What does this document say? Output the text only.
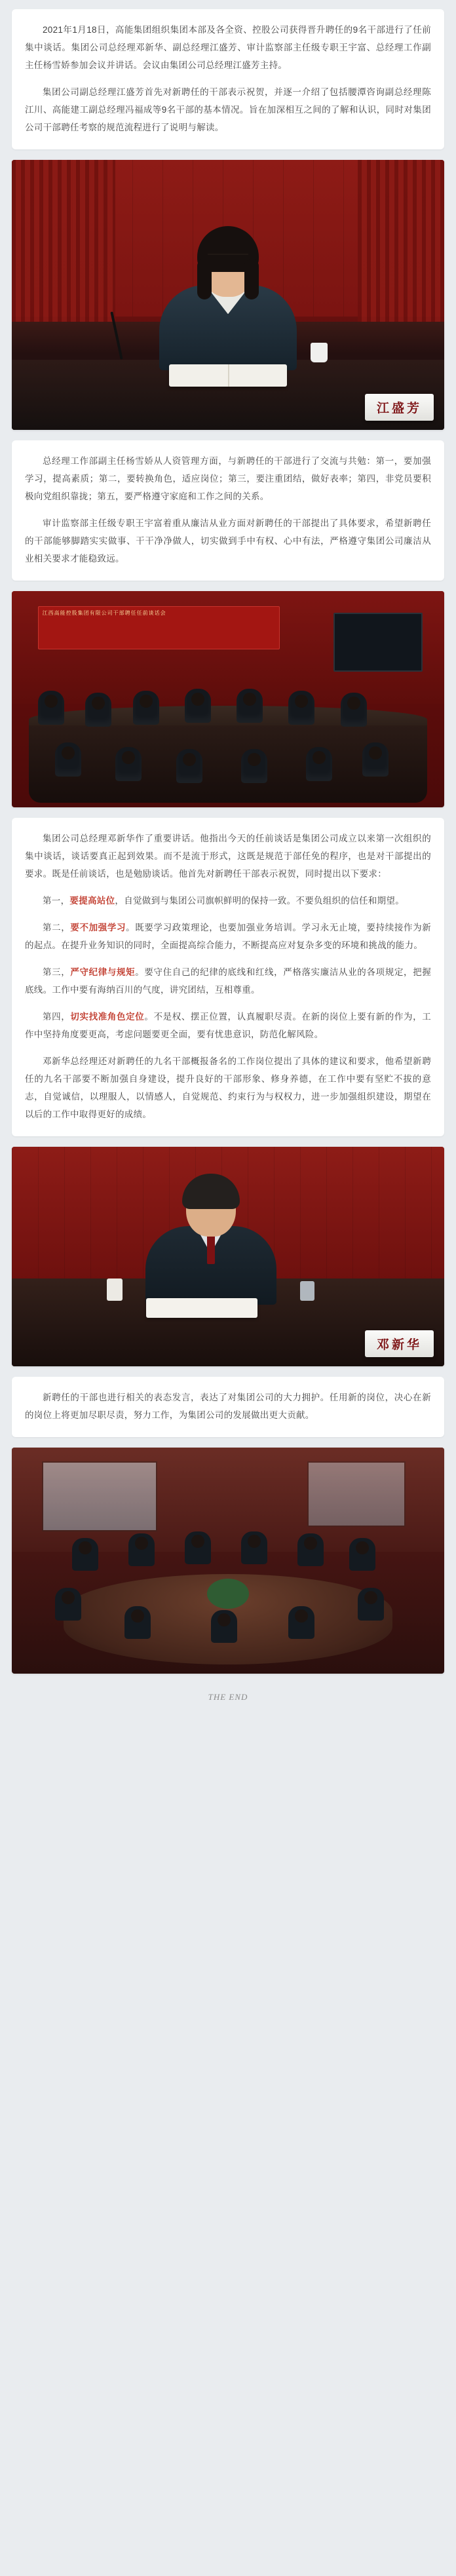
2021年1月18日，高能集团组织集团本部及各全资、控股公司获得晋升聘任的9名干部进行了任前集中谈话。集团公司总经理邓新华、副总经理江盛芳、审计监察部主任级专职王宇富、总经理工作副主任杨雪娇参加会议并讲话。会议由集团公司总经理江盛芳主持。

集团公司副总经理江盛芳首先对新聘任的干部表示祝贺，并逐一介绍了包括腰潭咨询副总经理陈江川、高能建工副总经理冯福成等9名干部的基本情况。旨在加深相互之间的了解和认识，同时对集团公司干部聘任考察的规范流程进行了说明与解读。

江盛芳

总经理工作部副主任杨雪娇从人资管理方面，与新聘任的干部进行了交流与共勉：第一，要加强学习，提高素质；第二，要转换角色，适应岗位；第三，要注重团结，做好表率；第四，非党员要积极向党组织靠拢；第五，要严格遵守家庭和工作之间的关系。

审计监察部主任级专职王宇富着重从廉洁从业方面对新聘任的干部提出了具体要求，希望新聘任的干部能够脚踏实实做事、干干净净做人，切实做到手中有权、心中有法，严格遵守集团公司廉洁从业相关要求才能稳致远。

江西高能控股集团有限公司干部聘任任前谈话会

集团公司总经理邓新华作了重要讲话。他指出今天的任前谈话是集团公司成立以来第一次组织的集中谈话，谈话要真正起到效果。而不是流于形式，这既是规范于部任免的程序，也是对干部提出的要求。既是任前谈话，也是勉励谈话。他首先对新聘任干部表示祝贺，同时提出以下要求：

第一，要提高站位，自觉做到与集团公司旗帜鲜明的保持一致。不要负组织的信任和期望。

第二，要不加强学习。既要学习政策理论，也要加强业务培训。学习永无止境，要持续接作为新的起点。在提升业务知识的同时，全面提高综合能力，不断提高应对复杂多变的环境和挑战的能力。

第三，严守纪律与规矩。要守住自己的纪律的底线和红线，严格落实廉洁从业的各项规定，把握底线。工作中要有海纳百川的气度，讲究团结，互相尊重。

第四，切实找准角色定位。不是权、摆正位置，认真履职尽责。在新的岗位上要有新的作为，工作中坚持角度要更高，考虑问题要更全面，要有忧患意识，防范化解风险。

邓新华总经理还对新聘任的九名干部概报备名的工作岗位提出了具体的建议和要求，他希望新聘任的九名干部要不断加强自身建设，提升良好的干部形象、修身养德，在工作中要有坚贮不拔的意志，自觉诚信，以理服人，以情感人，自觉规范、约束行为与权权力，进一步加强组织建设，期望在以后的工作中取得更好的成绩。

邓新华

新聘任的干部也进行相关的表态发言，表达了对集团公司的大力拥护。任用新的岗位，决心在新的岗位上将更加尽职尽责，努力工作，为集团公司的发展做出更大贡献。

THE END
